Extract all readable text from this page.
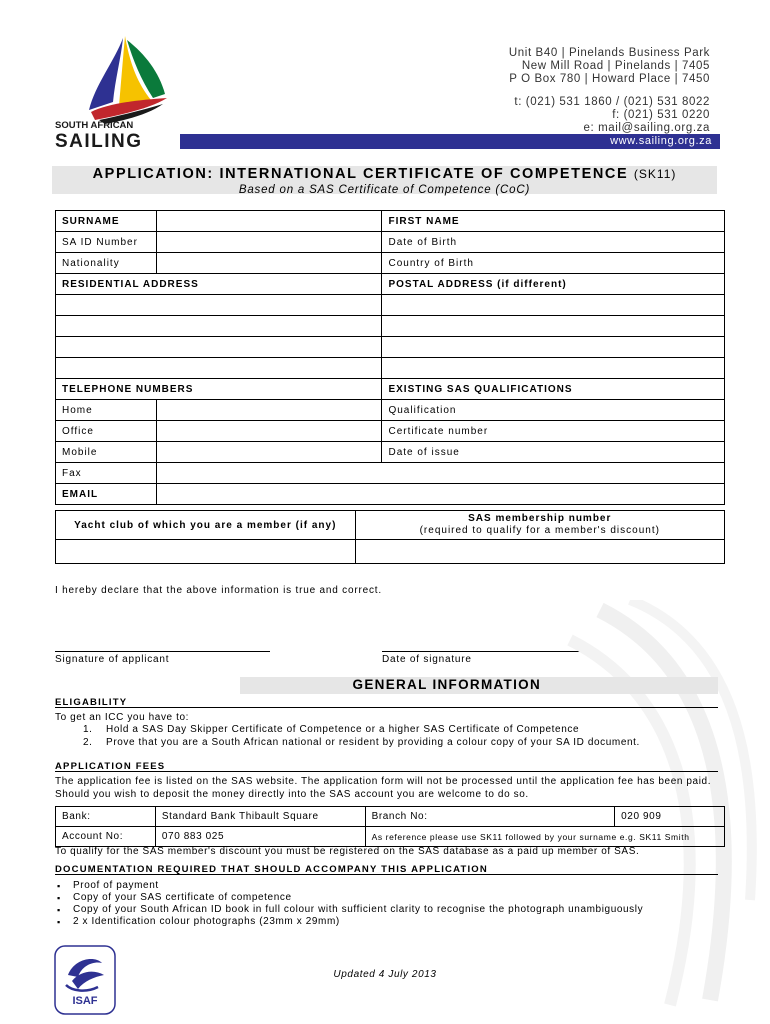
SOUTH AFRICAN
SAILING
Unit B40 | Pinelands Business Park
New Mill Road | Pinelands | 7405
P O Box 780 | Howard Place | 7450
t: (021) 531 1860 / (021) 531 8022
f: (021) 531 0220
e: mail@sailing.org.za
www.sailing.org.za
APPLICATION: INTERNATIONAL CERTIFICATE OF COMPETENCE (SK11)
Based on a SAS Certificate of Competence (CoC)
SURNAME		FIRST NAME
SA ID Number		Date of Birth
Nationality		Country of Birth
RESIDENTIAL ADDRESS		POSTAL ADDRESS (if different)

TELEPHONE NUMBERS		EXISTING SAS QUALIFICATIONS
Home		Qualification
Office		Certificate number
Mobile		Date of issue
Fax		
EMAIL		
Yacht club of which you are a member (if any)	SAS membership number
(required to qualify for a member's discount)

I hereby declare that the above information is true and correct.
Signature of applicant	Date of signature
GENERAL INFORMATION
ELIGABILITY
To get an ICC you have to:
1.    Hold a SAS Day Skipper Certificate of Competence or a higher SAS Certificate of Competence
2.    Prove that you are a South African national or resident by providing a colour copy of your SA ID document.
APPLICATION FEES
The application fee is listed on the SAS website. The application form will not be processed until the application fee has been paid. Should you wish to deposit the money directly into the SAS account you are welcome to do so.
Bank:	Standard Bank Thibault Square	Branch No:	020 909
Account No:	070 883 025	As reference please use SK11 followed by your surname e.g. SK11 Smith	
To qualify for the SAS member's discount you must be registered on the SAS database as a paid up member of SAS.
DOCUMENTATION REQUIRED THAT SHOULD ACCOMPANY THIS APPLICATION
▪ Proof of payment
▪ Copy of your SAS certificate of competence
▪ Copy of your South African ID book in full colour with sufficient clarity to recognise the photograph unambiguously
▪ 2 x Identification colour photographs (23mm x 29mm)
ISAF
Updated 4 July 2013
